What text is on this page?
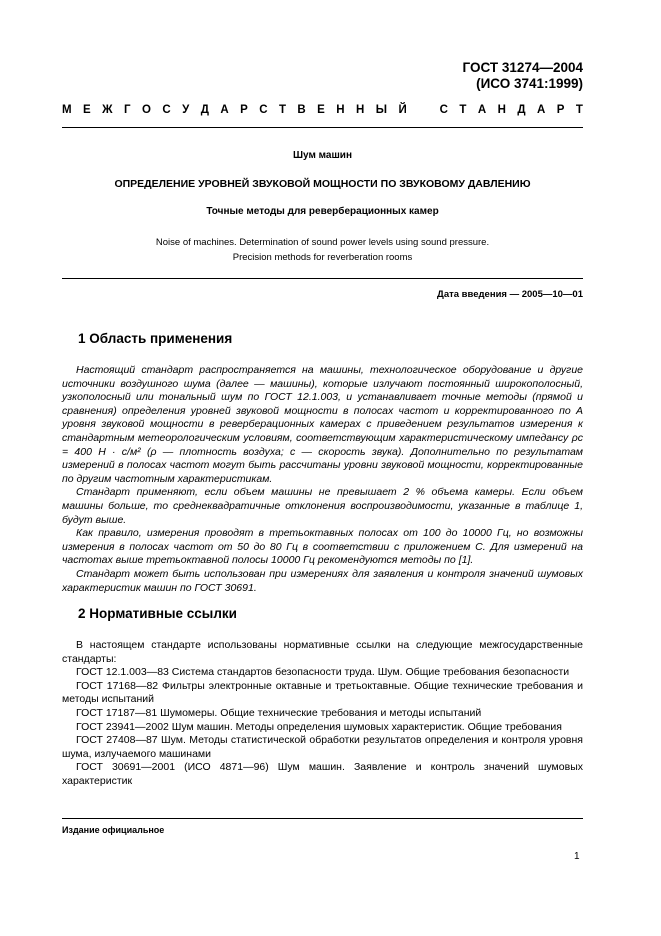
ГОСТ 31274—2004
(ИСО 3741:1999)
М Е Ж Г О С У Д А Р С Т В Е Н Н Ы Й	С Т А Н Д А Р Т
Шум машин
ОПРЕДЕЛЕНИЕ УРОВНЕЙ ЗВУКОВОЙ МОЩНОСТИ ПО ЗВУКОВОМУ ДАВЛЕНИЮ
Точные методы для реверберационных камер
Noise of machines. Determination of sound power levels using sound pressure.
Precision methods for reverberation rooms
Дата введения — 2005—10—01
1 Область применения

Настоящий стандарт распространяется на машины, технологическое оборудование и другие источники воздушного шума (далее — машины), которые излучают постоянный широкополосный, узкополосный или тональный шум по ГОСТ 12.1.003, и устанавливает точные методы (прямой и сравнения) определения уровней звуковой мощности в полосах частот и корректированного по А уровня звуковой мощности в реверберационных камерах с приведением результатов измерения к стандартным метеорологическим условиям, соответствующим характеристическому импедансу ρс = 400 Н · с/м² (ρ — плотность воздуха; с — скорость звука). Дополнительно по результатам измерений в полосах частот могут быть рассчитаны уровни звуковой мощности, корректированные по другим частотным характеристикам.

Стандарт применяют, если объем машины не превышает 2 % объема камеры. Если объем машины больше, то среднеквадратичные отклонения воспроизводимости, указанные в таблице 1, будут выше.

Как правило, измерения проводят в третьоктавных полосах от 100 до 10000 Гц, но возможны измерения в полосах частот от 50 до 80 Гц в соответствии с приложением С. Для измерений на частотах выше третьоктавной полосы 10000 Гц рекомендуются методы по [1].

Стандарт может быть использован при измерениях для заявления и контроля значений шумовых характеристик машин по ГОСТ 30691.

2 Нормативные ссылки

В настоящем стандарте использованы нормативные ссылки на следующие межгосударственные стандарты:

ГОСТ 12.1.003—83 Система стандартов безопасности труда. Шум. Общие требования безопасности

ГОСТ 17168—82 Фильтры электронные октавные и третьоктавные. Общие технические требования и методы испытаний

ГОСТ 17187—81 Шумомеры. Общие технические требования и методы испытаний

ГОСТ 23941—2002 Шум машин. Методы определения шумовых характеристик. Общие требования

ГОСТ 27408—87 Шум. Методы статистической обработки результатов определения и контроля уровня шума, излучаемого машинами

ГОСТ 30691—2001 (ИСО 4871—96) Шум машин. Заявление и контроль значений шумовых характеристик

Издание официальное
1
